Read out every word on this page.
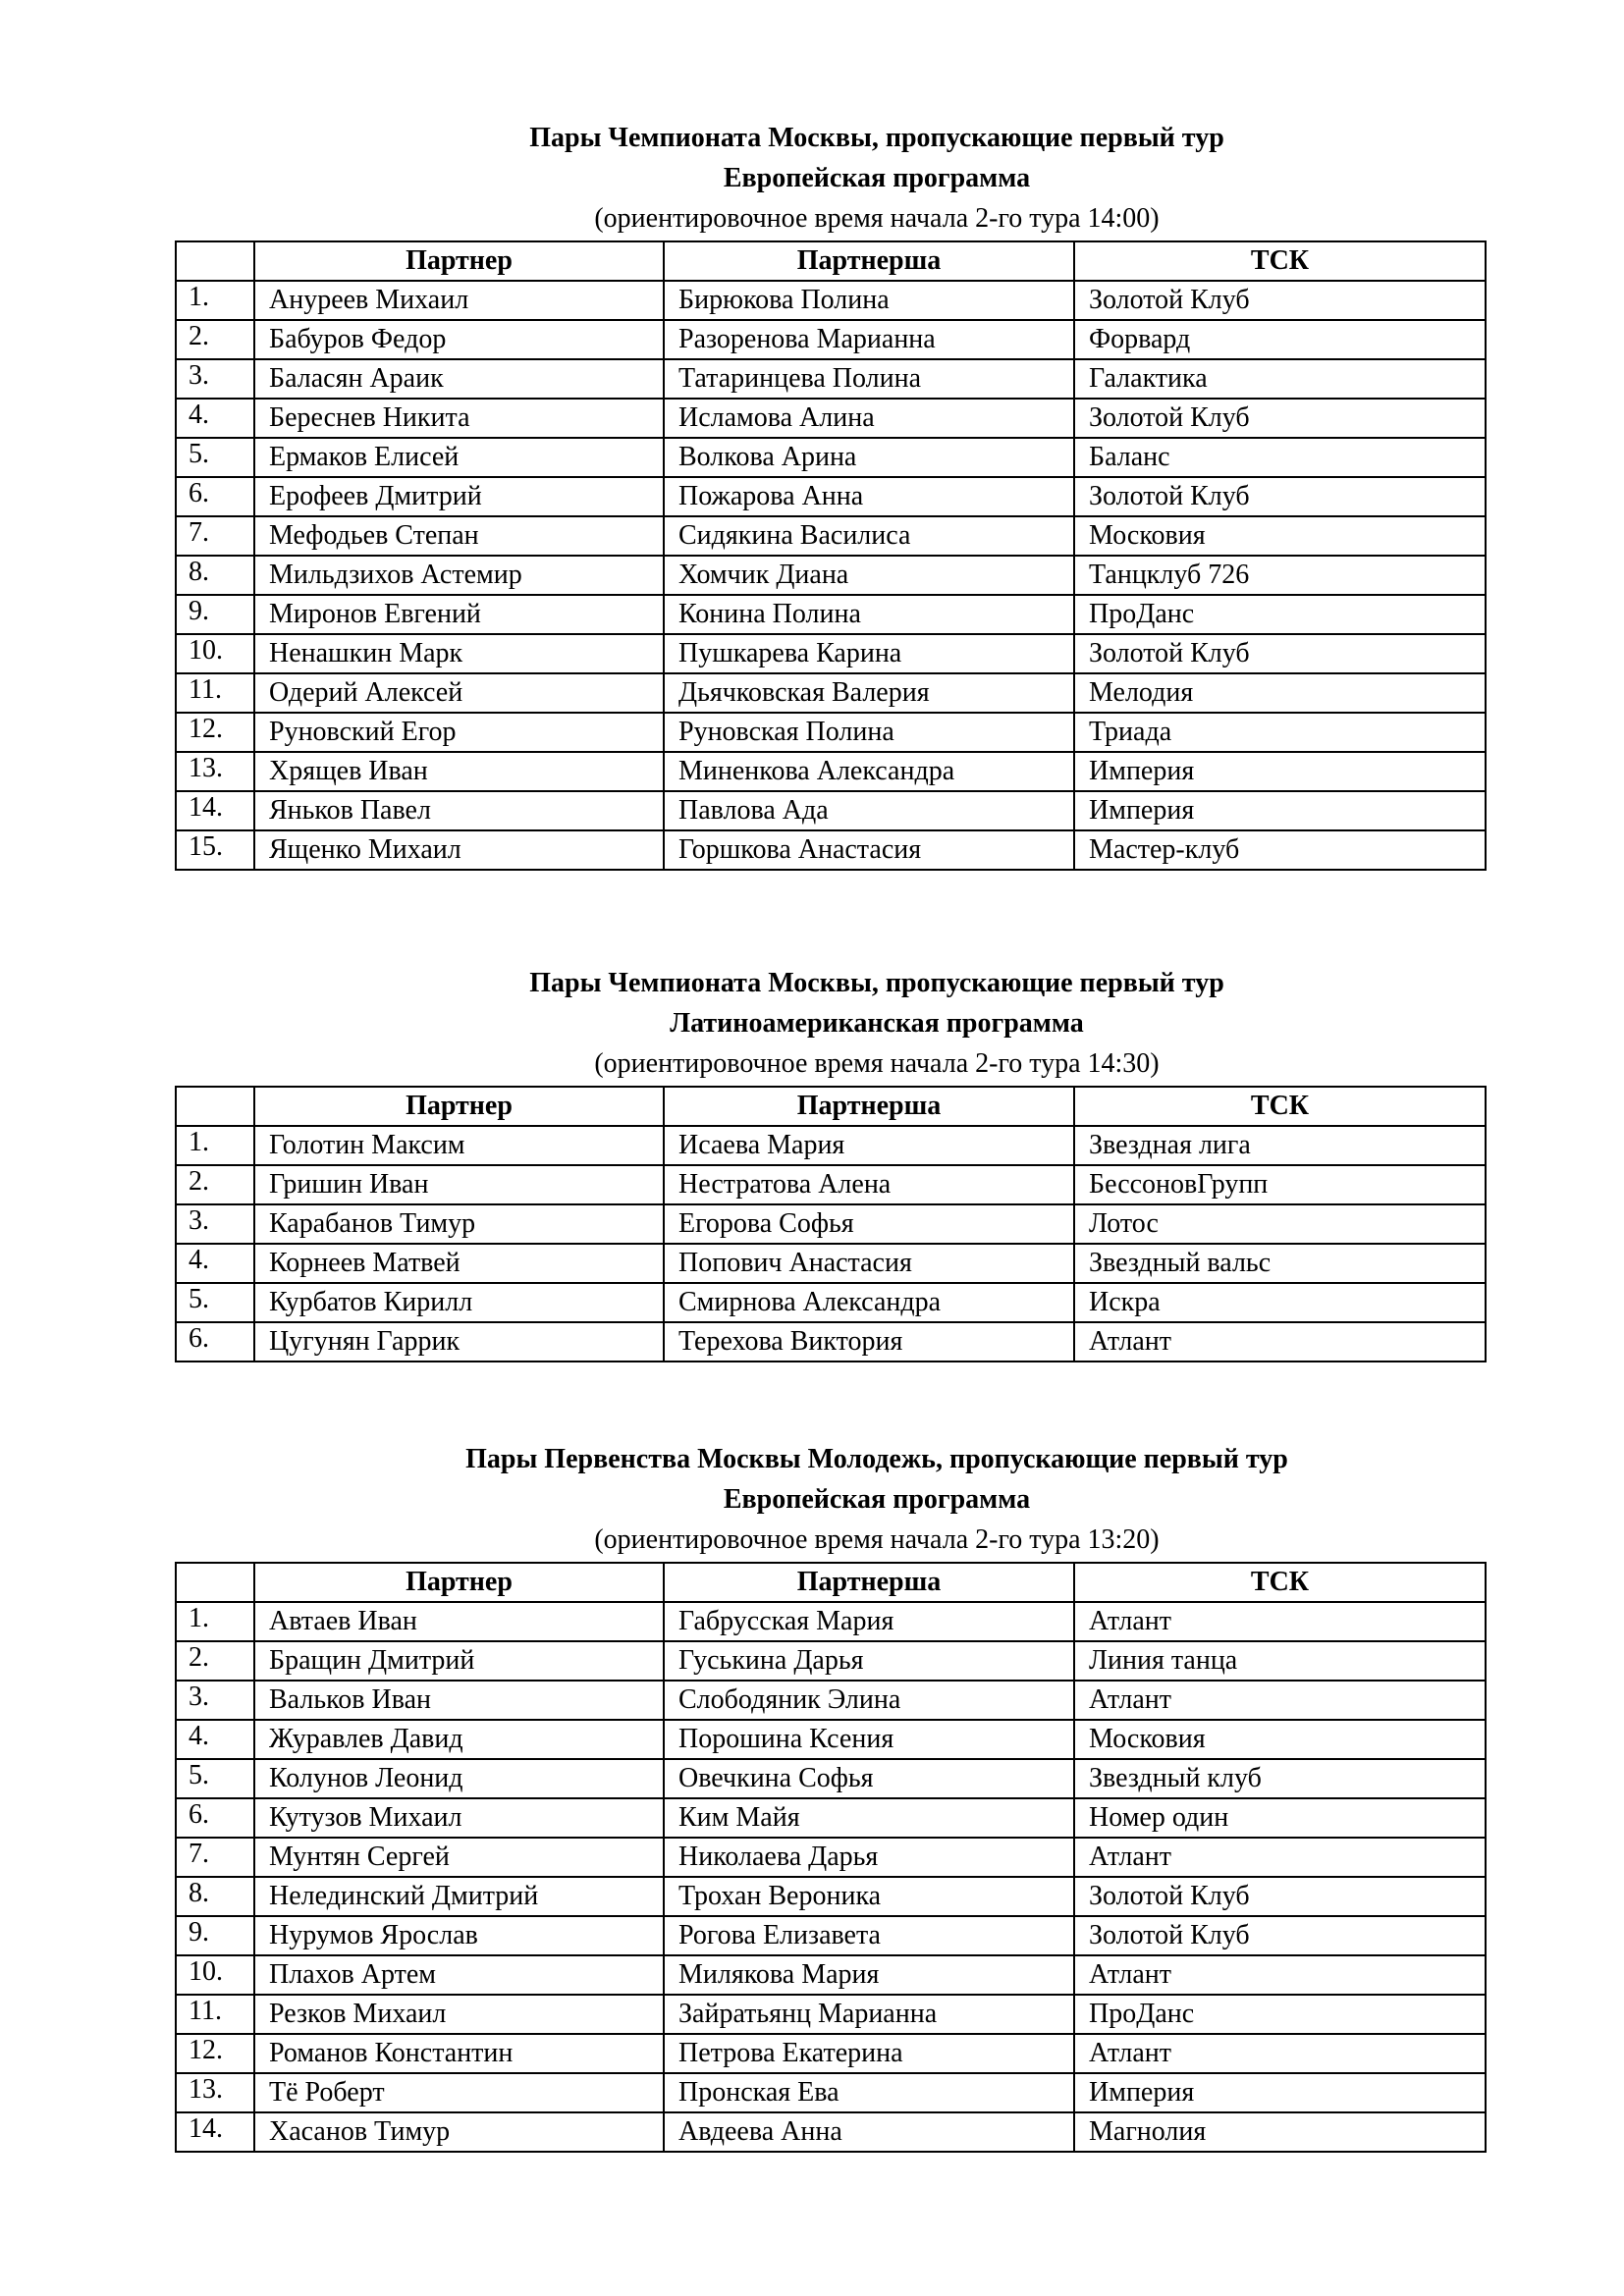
Пары Чемпионата Москвы, пропускающие первый тур
Европейская программа
(ориентировочное время начала 2-го тура 14:00)
	Партнер	Партнерша	ТСК
1.	Ануреев Михаил	Бирюкова Полина	Золотой Клуб
2.	Бабуров Федор	Разоренова Марианна	Форвард
3.	Баласян Араик	Татаринцева Полина	Галактика
4.	Береснев Никита	Исламова Алина	Золотой Клуб
5.	Ермаков Елисей	Волкова Арина	Баланс
6.	Ерофеев Дмитрий	Пожарова Анна	Золотой Клуб
7.	Мефодьев Степан	Сидякина Василиса	Московия
8.	Мильдзихов Астемир	Хомчик Диана	Танцклуб 726
9.	Миронов Евгений	Конина Полина	ПроДанс
10.	Ненашкин Марк	Пушкарева Карина	Золотой Клуб
11.	Одерий Алексей	Дьячковская Валерия	Мелодия
12.	Руновский Егор	Руновская Полина	Триада
13.	Хрящев Иван	Миненкова Александра	Империя
14.	Яньков Павел	Павлова Ада	Империя
15.	Ященко Михаил	Горшкова Анастасия	Мастер-клуб
Пары Чемпионата Москвы, пропускающие первый тур
Латиноамериканская программа
(ориентировочное время начала 2-го тура 14:30)
	Партнер	Партнерша	ТСК
1.	Голотин Максим	Исаева Мария	Звездная лига
2.	Гришин Иван	Нестратова Алена	БессоновГрупп
3.	Карабанов Тимур	Егорова Софья	Лотос
4.	Корнеев Матвей	Попович Анастасия	Звездный вальс
5.	Курбатов Кирилл	Смирнова Александра	Искра
6.	Цугунян Гаррик	Терехова Виктория	Атлант
Пары Первенства Москвы Молодежь, пропускающие первый тур
Европейская программа
(ориентировочное время начала 2-го тура 13:20)
	Партнер	Партнерша	ТСК
1.	Автаев Иван	Габрусская Мария	Атлант
2.	Бращин Дмитрий	Гуськина Дарья	Линия танца
3.	Вальков Иван	Слободяник Элина	Атлант
4.	Журавлев Давид	Порошина Ксения	Московия
5.	Колунов Леонид	Овечкина Софья	Звездный клуб
6.	Кутузов Михаил	Ким Майя	Номер один
7.	Мунтян Сергей	Николаева Дарья	Атлант
8.	Нелединский Дмитрий	Трохан Вероника	Золотой Клуб
9.	Нурумов Ярослав	Рогова Елизавета	Золотой Клуб
10.	Плахов Артем	Милякова Мария	Атлант
11.	Резков Михаил	Зайратьянц Марианна	ПроДанс
12.	Романов Константин	Петрова Екатерина	Атлант
13.	Тё Роберт	Пронская Ева	Империя
14.	Хасанов Тимур	Авдеева Анна	Магнолия
